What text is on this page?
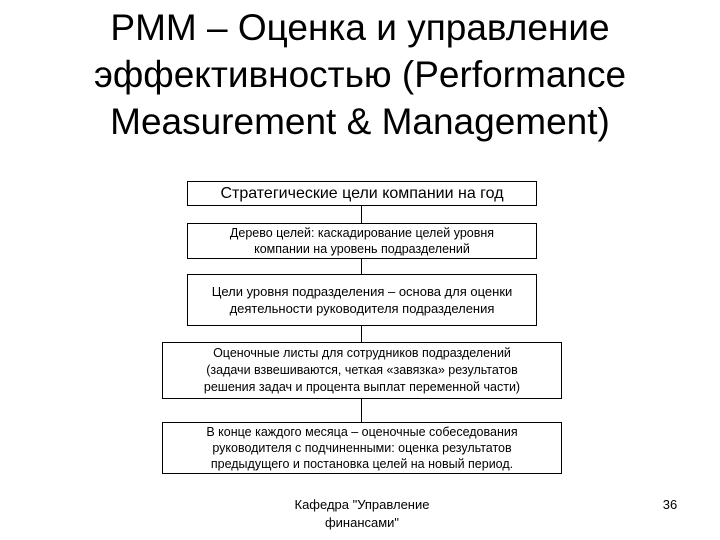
PMM – Оценка и управление
эффективностью (Performance
Measurement & Management)
Стратегические цели компании на год
Дерево целей: каскадирование целей уровня
компании на уровень подразделений
Цели уровня подразделения – основа для оценки
деятельности руководителя подразделения
Оценочные листы для сотрудников подразделений
(задачи взвешиваются, четкая «завязка» результатов
решения задач и процента выплат переменной части)
В конце каждого месяца – оценочные собеседования
руководителя с подчиненными: оценка результатов
предыдущего и постановка целей на новый период.
Кафедра "Управление
финансами"
36
